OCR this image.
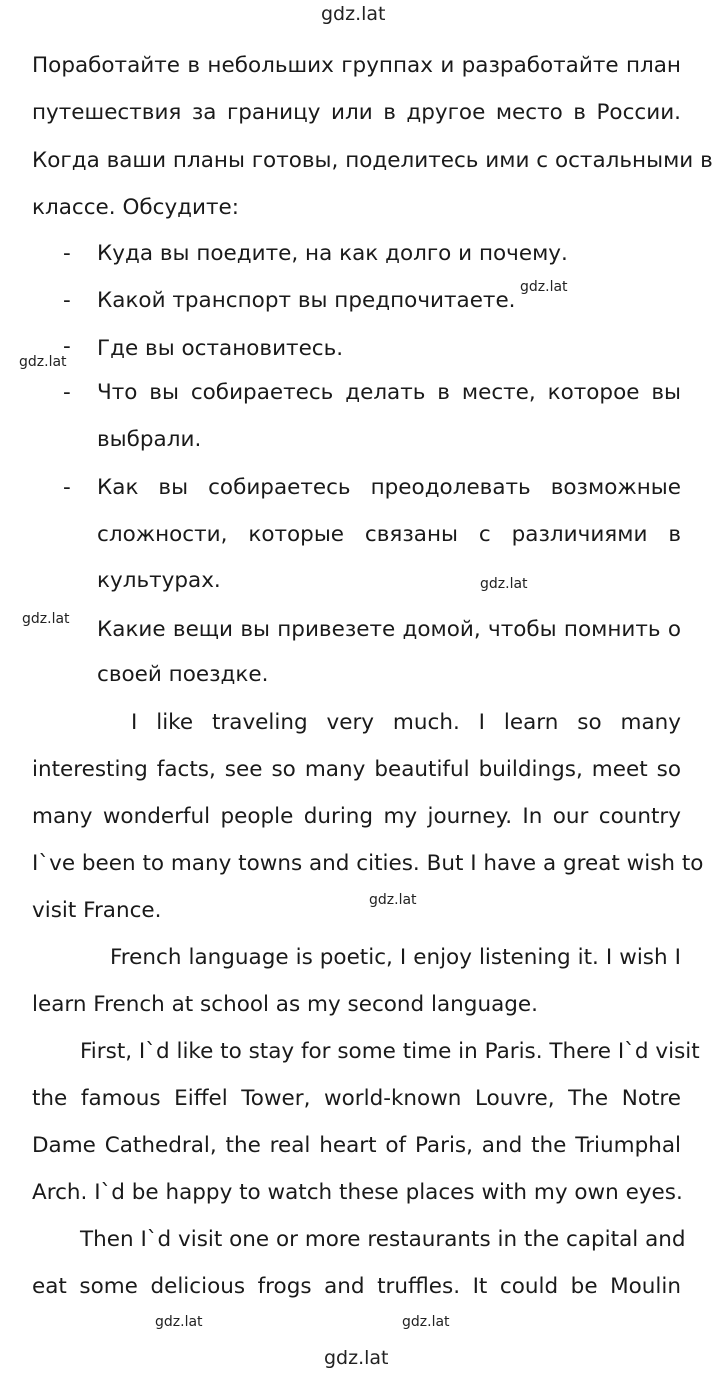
gdz.lat
gdz.lat
gdz.lat
gdz.lat
gdz.lat
gdz.lat
gdz.lat	gdz.lat
gdz.lat
Поработайте в небольших группах и разработайте план
путешествия за границу или в другое место в России.
Когда ваши планы готовы, поделитесь ими с остальными в
классе. Обсудите:
- Куда вы поедите, на как долго и почему.
- Какой транспорт вы предпочитаете.
- Где вы остановитесь.
- Что вы собираетесь делать в месте, которое вы
выбрали.
- Как вы собираетесь преодолевать возможные
сложности, которые связаны с различиями в
культурах.
Какие вещи вы привезете домой, чтобы помнить о
своей поездке.
I like traveling very much. I learn so many
interesting facts, see so many beautiful buildings, meet so
many wonderful people during my journey. In our country
I`ve been to many towns and cities. But I have a great wish to
visit France.
French language is poetic, I enjoy listening it. I wish I
learn French at school as my second language.
First, I`d like to stay for some time in Paris. There I`d visit
the famous Eiffel Tower, world-known Louvre, The Notre
Dame Cathedral, the real heart of Paris, and the Triumphal
Arch. I`d be happy to watch these places with my own eyes.
Then I`d visit one or more restaurants in the capital and
eat some delicious frogs and truffles. It could be Moulin
